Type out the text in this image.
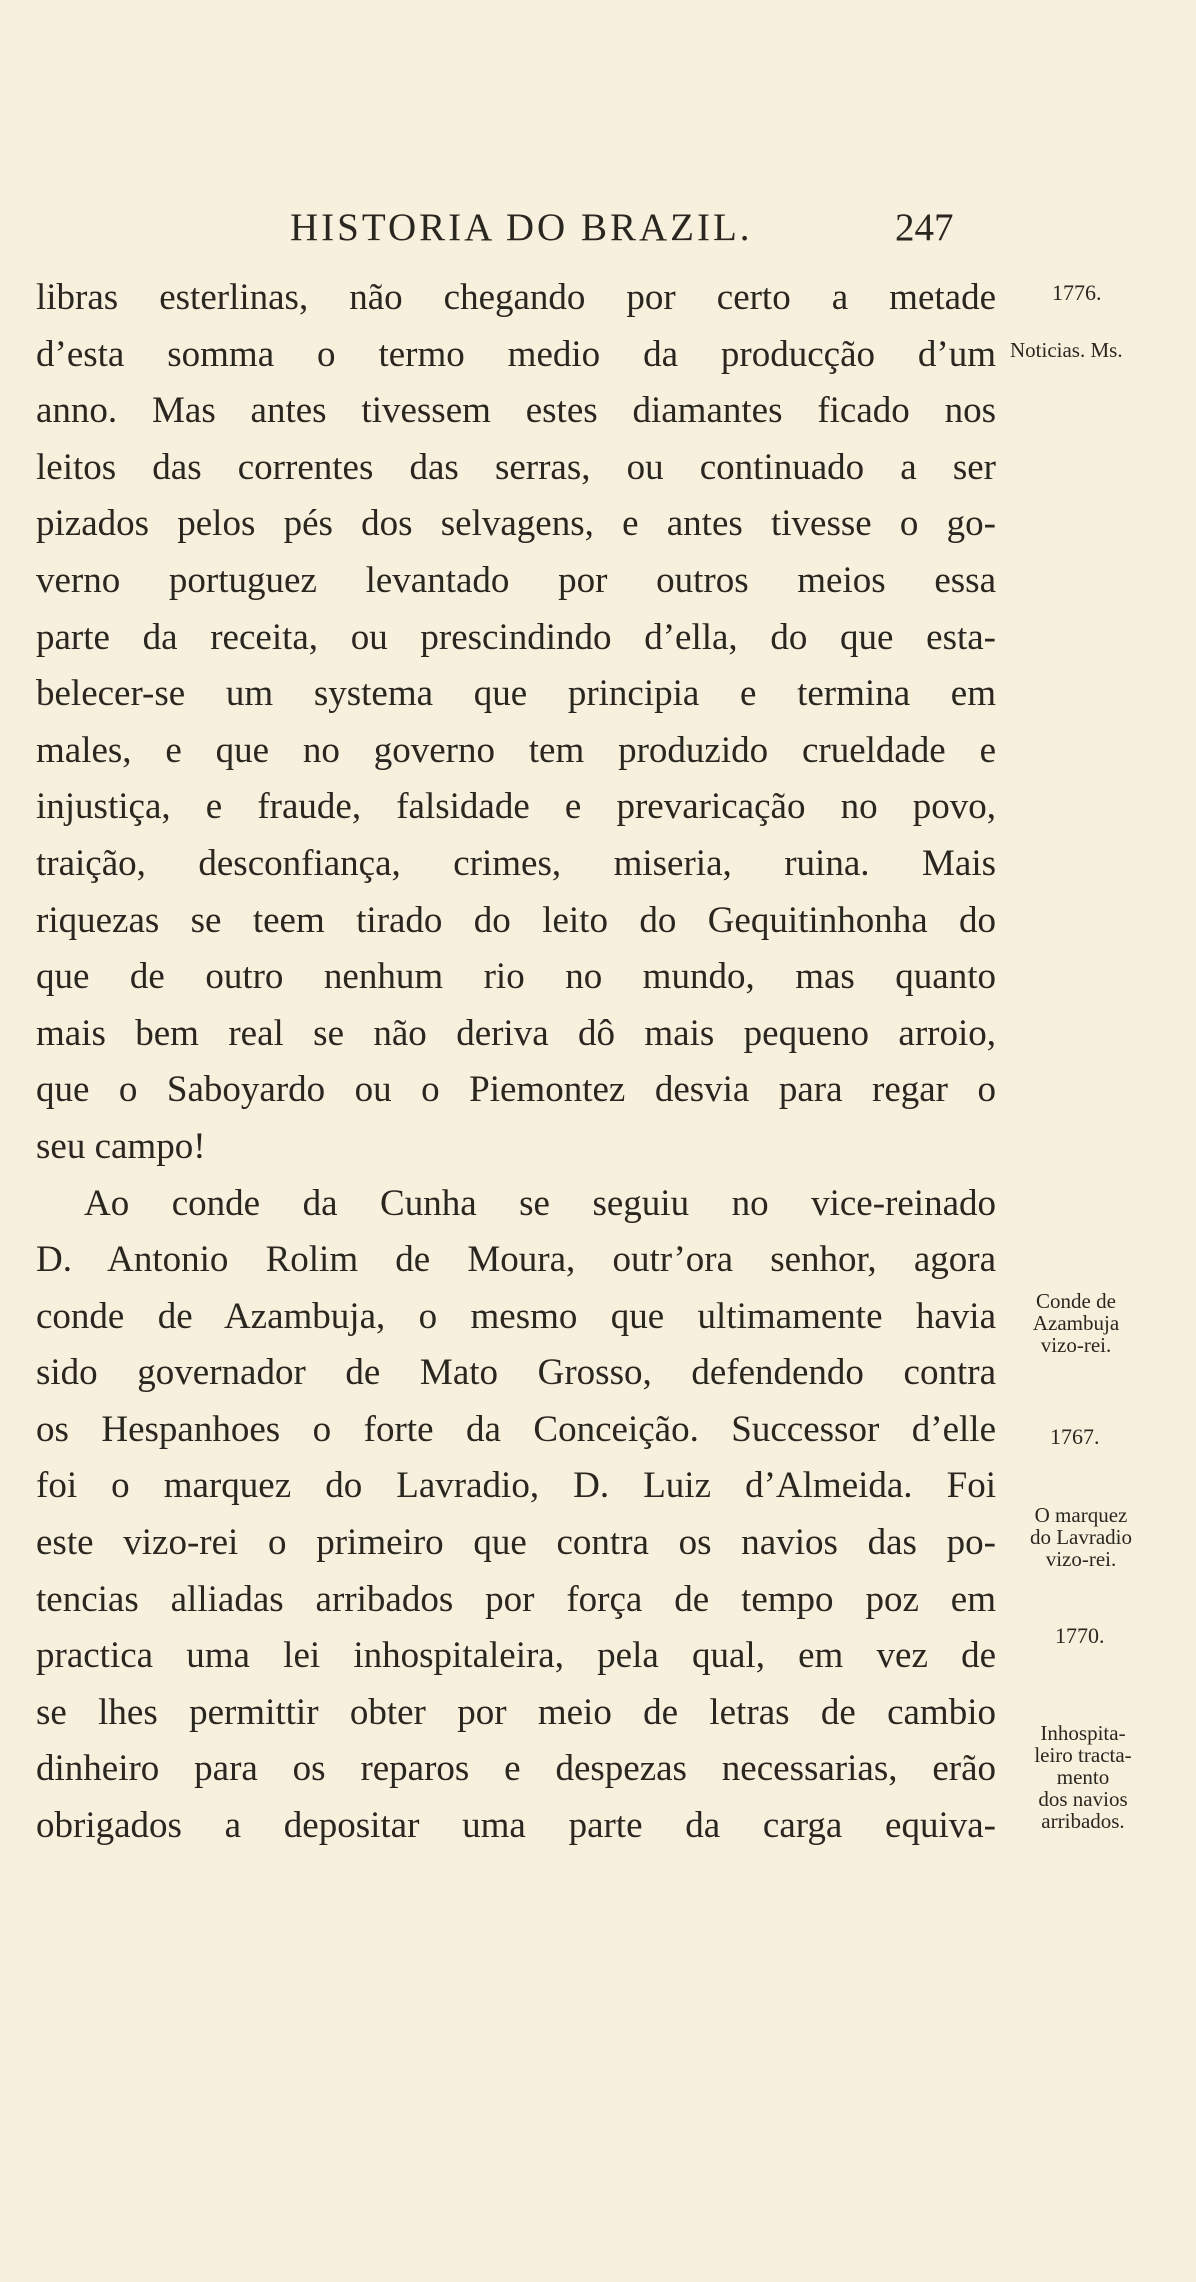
HISTORIA DO BRAZIL.	247
libras esterlinas, não chegando por certo a metade
d’esta somma o termo medio da producção d’um
anno. Mas antes tivessem estes diamantes ficado nos
leitos das correntes das serras, ou continuado a ser
pizados pelos pés dos selvagens, e antes tivesse o go-
verno portuguez levantado por outros meios essa
parte da receita, ou prescindindo d’ella, do que esta-
belecer-se um systema que principia e termina em
males, e que no governo tem produzido crueldade e
injustiça, e fraude, falsidade e prevaricação no povo,
traição, desconfiança, crimes, miseria, ruina. Mais
riquezas se teem tirado do leito do Gequitinhonha do
que de outro nenhum rio no mundo, mas quanto
mais bem real se não deriva dô mais pequeno arroio,
que o Saboyardo ou o Piemontez desvia para regar o
seu campo!
Ao conde da Cunha se seguiu no vice-reinado
D. Antonio Rolim de Moura, outr’ora senhor, agora
conde de Azambuja, o mesmo que ultimamente havia
sido governador de Mato Grosso, defendendo contra
os Hespanhoes o forte da Conceição. Successor d’elle
foi o marquez do Lavradio, D. Luiz d’Almeida. Foi
este vizo-rei o primeiro que contra os navios das po-
tencias alliadas arribados por força de tempo poz em
practica uma lei inhospitaleira, pela qual, em vez de
se lhes permittir obter por meio de letras de cambio
dinheiro para os reparos e despezas necessarias, erão
obrigados a depositar uma parte da carga equiva-
1776.
Noticias. Ms.
Conde de
Azambuja
vizo-rei.
1767.
O marquez
do Lavradio
vizo-rei.
1770.
Inhospita-
leiro tracta-
mento
dos navios
arribados.
